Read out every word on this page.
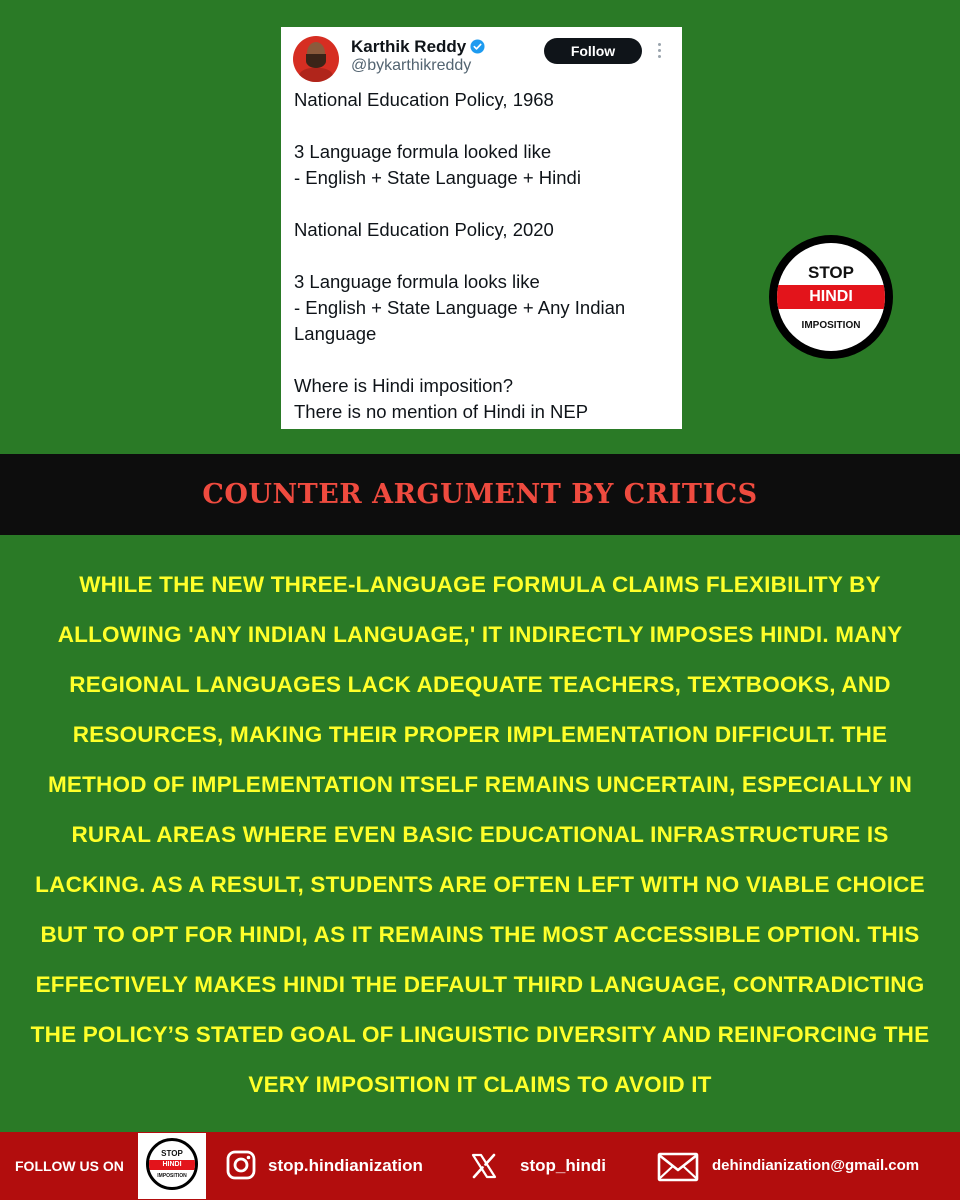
Karthik Reddy
@bykarthikreddy
Follow

National Education Policy, 1968

3 Language formula looked like

- English + State Language + Hindi

National Education Policy, 2020

3 Language formula looks like

- English + State Language + Any Indian Language

Where is Hindi imposition?

There is no mention of Hindi in NEP

STOP
HINDI
IMPOSITION
COUNTER ARGUMENT BY CRITICS
WHILE THE NEW THREE-LANGUAGE FORMULA CLAIMS FLEXIBILITY BY ALLOWING 'ANY INDIAN LANGUAGE,' IT INDIRECTLY IMPOSES HINDI. MANY REGIONAL LANGUAGES LACK ADEQUATE TEACHERS, TEXTBOOKS, AND RESOURCES, MAKING THEIR PROPER IMPLEMENTATION DIFFICULT. THE METHOD OF IMPLEMENTATION ITSELF REMAINS UNCERTAIN, ESPECIALLY IN RURAL AREAS WHERE EVEN BASIC EDUCATIONAL INFRASTRUCTURE IS LACKING. AS A RESULT, STUDENTS ARE OFTEN LEFT WITH NO VIABLE CHOICE BUT TO OPT FOR HINDI, AS IT REMAINS THE MOST ACCESSIBLE OPTION. THIS EFFECTIVELY MAKES HINDI THE DEFAULT THIRD LANGUAGE, CONTRADICTING THE POLICY’S STATED GOAL OF LINGUISTIC DIVERSITY AND REINFORCING THE VERY IMPOSITION IT CLAIMS TO AVOID IT
FOLLOW US ON
STOP
HINDI
IMPOSITION
stop.hindianization	stop_hindi	dehindianization@gmail.com
